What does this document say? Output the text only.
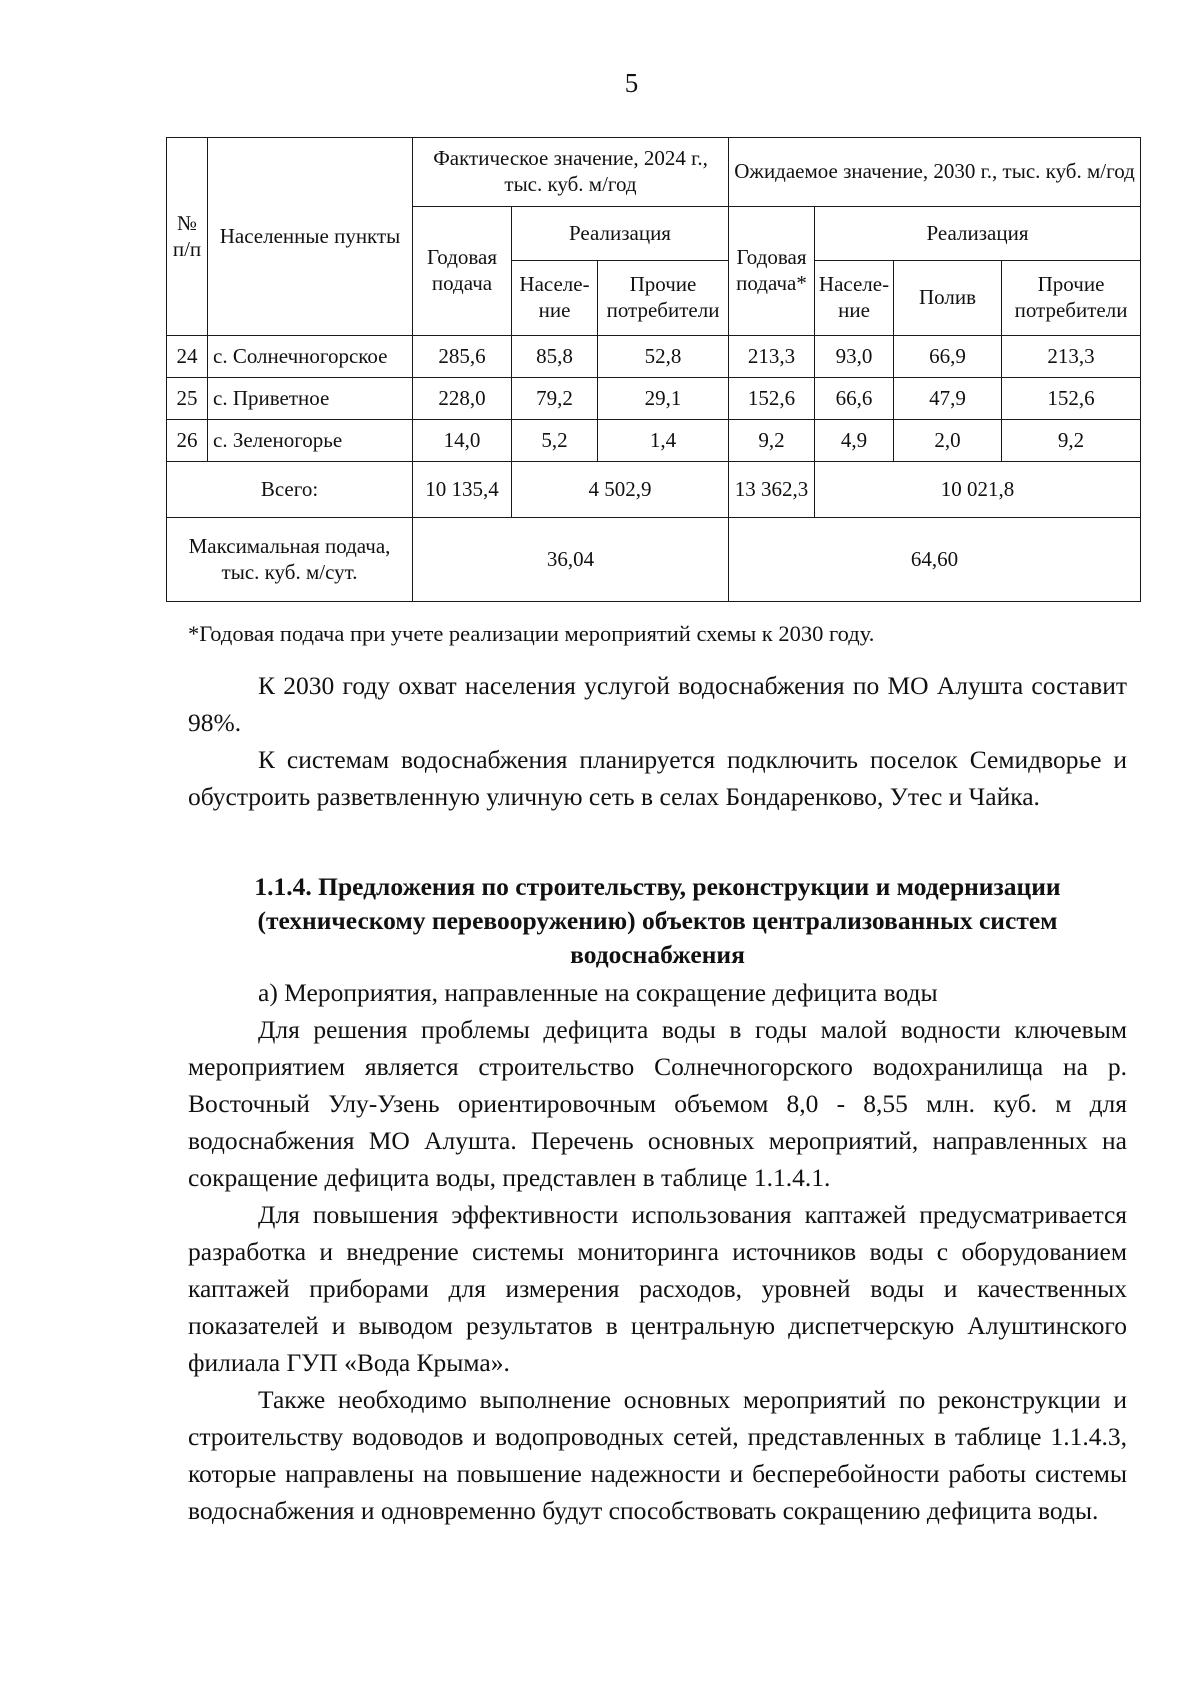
5
№ п/п	Населенные пункты	Фактическое значение, 2024 г., тыс. куб. м/год			Ожидаемое значение, 2030 г., тыс. куб. м/год			
		Годовая подача	Реализация		Годовая подача*	Реализация		
			Населе-ние	Прочие потребители		Населе-ние	Полив	Прочие потребители
24	с. Солнечногорское	285,6	85,8	52,8	213,3	93,0	66,9	213,3
25	с. Приветное	228,0	79,2	29,1	152,6	66,6	47,9	152,6
26	с. Зеленогорье	14,0	5,2	1,4	9,2	4,9	2,0	9,2
Всего:		10 135,4	4 502,9		13 362,3	10 021,8		
Максимальная подача, тыс. куб. м/сут.		36,04			64,60			
*Годовая подача при учете реализации мероприятий схемы к 2030 году.

К 2030 году охват населения услугой водоснабжения по МО Алушта составит 98%.

К системам водоснабжения планируется подключить поселок Семидворье и обустроить разветвленную уличную сеть в селах Бондаренково, Утес и Чайка.

1.1.4. Предложения по строительству, реконструкции и модернизации (техническому перевооружению) объектов централизованных систем водоснабжения

а) Мероприятия, направленные на сокращение дефицита воды

Для решения проблемы дефицита воды в годы малой водности ключевым мероприятием является строительство Солнечногорского водохранилища на р. Восточный Улу-Узень ориентировочным объемом 8,0 - 8,55 млн. куб. м для водоснабжения МО Алушта. Перечень основных мероприятий, направленных на сокращение дефицита воды, представлен в таблице 1.1.4.1.

Для повышения эффективности использования каптажей предусматривается разработка и внедрение системы мониторинга источников воды с оборудованием каптажей приборами для измерения расходов, уровней воды и качественных показателей и выводом результатов в центральную диспетчерскую Алуштинского филиала ГУП «Вода Крыма».

Также необходимо выполнение основных мероприятий по реконструкции и строительству водоводов и водопроводных сетей, представленных в таблице 1.1.4.3, которые направлены на повышение надежности и бесперебойности работы системы водоснабжения и одновременно будут способствовать сокращению дефицита воды.
